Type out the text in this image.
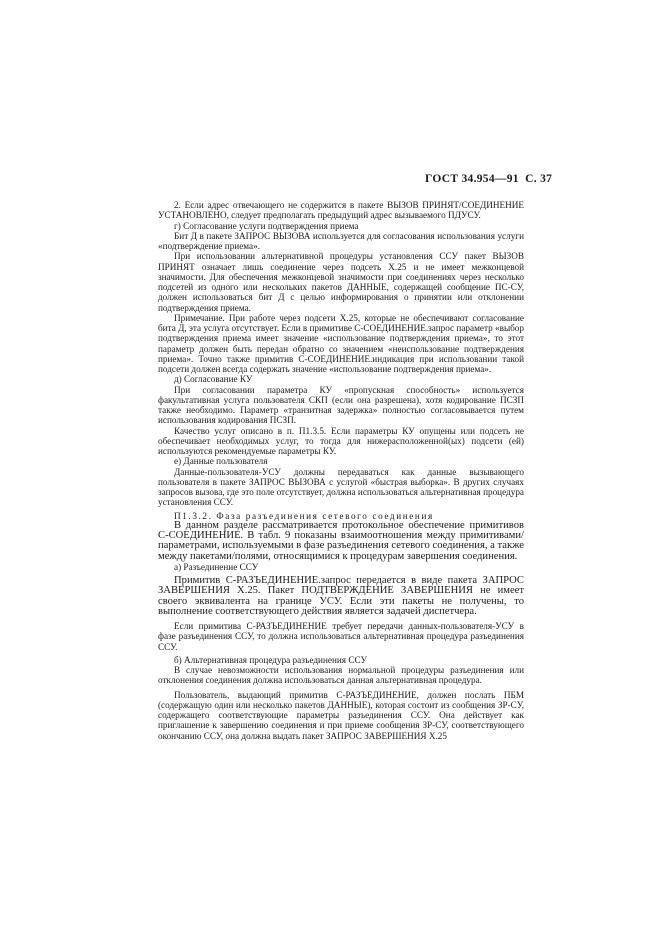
ГОСТ 34.954—91 С. 37

2. Если адрес отвечающего не содержится в пакете ВЫЗОВ ПРИНЯТ/СОЕДИНЕНИЕ УСТАНОВЛЕНО, следует предполагать предыдущий адрес вызываемого ПДУСУ.

г) Согласование услуги подтверждения приема

Бит Д в пакете ЗАПРОС ВЫЗОВА используется для согласования использования услуги «подтверждение приема».

При использовании альтернативной процедуры установления ССУ пакет ВЫЗОВ ПРИНЯТ означает лишь соединение через подсеть Х.25 и не имеет межконцевой значимости. Для обеспечения межконцевой значимости при соединениях через несколько подсетей из одного или нескольких пакетов ДАННЫЕ, содержащей сообщение ПС-СУ, должен использоваться бит Д с целью информирования о принятии или отклонении подтверждения приема.

Примечание. При работе через подсети Х.25, которые не обеспечивают согласование бита Д, эта услуга отсутствует. Если в примитиве С-СОЕДИНЕНИЕ.запрос параметр «выбор подтверждения приема имеет значение «использование подтверждения приема», то этот параметр должен быть передан обратно со значением «неиспользование подтверждения приема». Точно также примитив С-СОЕДИНЕНИЕ.индикация при использовании такой подсети должен всегда содержать значение «использование подтверждения приема».

д) Согласование КУ

При согласовании параметра КУ «пропускная способность» используется факультативная услуга пользователя СКП (если она разрешена), хотя кодирование ПСЗП также необходимо. Параметр «транзитная задержка» полностью согласовывается путем использования кодирования ПСЗП.

Качество услуг описано в п. П1.3.5. Если параметры КУ опущены или подсеть не обеспечивает необходимых услуг, то тогда для нижерасположенной(ых) подсети (ей) используются рекомендуемые параметры КУ.

е) Данные пользователя

Данные-пользователя-УСУ должны передаваться как данные вызывающего пользователя в пакете ЗАПРОС ВЫЗОВА с услугой «быстрая выборка». В других случаях запросов вызова, где это поле отсутствует, должна использоваться альтернативная процедура установления ССУ.

П1.3.2. Фаза разъединения сетевого соединения

В данном разделе рассматривается протокольное обеспечение примитивов С-СОЕДИНЕНИЕ. В табл. 9 показаны взаимоотношения между примитивами/параметрами, используемыми в фазе разъединения сетевого соединения, а также между пакетами/полями, относящимися к процедурам завершения соединения.

а) Разъединение ССУ

Примитив С-РАЗЪЕДИНЕНИЕ.запрос передается в виде пакета ЗАПРОС ЗАВЕРШЕНИЯ Х.25. Пакет ПОДТВЕРЖДЕНИЕ ЗАВЕРШЕНИЯ не имеет своего эквивалента на границе УСУ. Если эти пакеты не получены, то выполнение соответствующего действия является задачей диспетчера.

Если примитива С-РАЗЪЕДИНЕНИЕ требует передачи данных-пользователя-УСУ в фазе разъединения ССУ, то должна использоваться альтернативная процедура разъединения ССУ.

б) Альтернативная процедура разъединения ССУ

В случае невозможности использования нормальной процедуры разъединения или отклонения соединения должна использоваться данная альтернативная процедура.

Пользователь, выдающий примитив С-РАЗЪЕДИНЕНИЕ, должен послать ПБМ (содержащую один или несколько пакетов ДАННЫЕ), которая состоит из сообщения ЗР-СУ, содержащего соответствующие параметры разъединения ССУ. Она действует как приглашение к завершению соединения и при приеме сообщения ЗР-СУ, соответствующего окончанию ССУ, она должна выдать пакет ЗАПРОС ЗАВЕРШЕНИЯ Х.25
